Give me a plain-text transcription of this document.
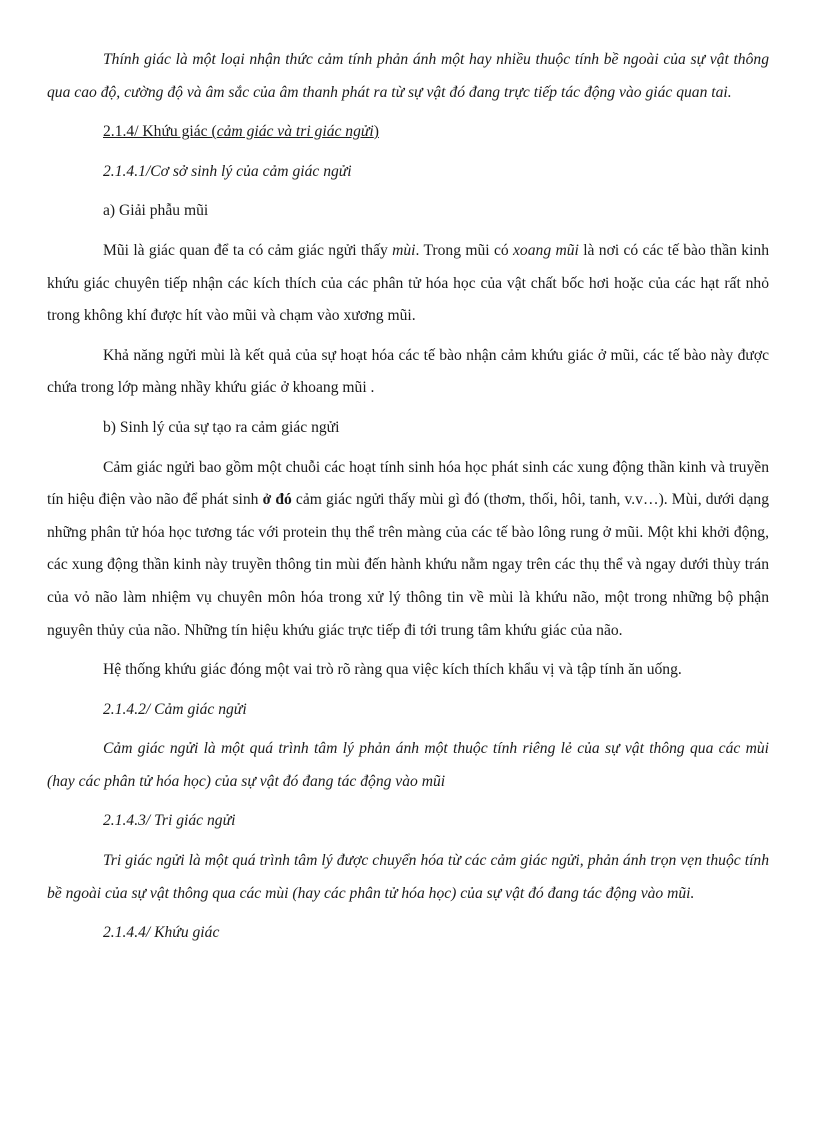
Thính giác là một loại nhận thức cảm tính phản ánh một hay nhiều thuộc tính bề ngoài của sự vật thông qua cao độ, cường độ và âm sắc của âm thanh phát ra từ sự vật đó đang trực tiếp tác động vào giác quan tai.

2.1.4/ Khứu giác (cảm giác và tri giác ngửi)

2.1.4.1/Cơ sở sinh lý của cảm giác ngửi

a) Giải phẫu mũi

Mũi là giác quan để ta có cảm giác ngửi thấy mùi. Trong mũi có xoang mũi là nơi có các tế bào thần kinh khứu giác chuyên tiếp nhận các kích thích của các phân tử hóa học của vật chất bốc hơi hoặc của các hạt rất nhỏ trong không khí được hít vào mũi và chạm vào xương mũi.

Khả năng ngửi mùi là kết quả của sự hoạt hóa các tế bào nhận cảm khứu giác ở mũi, các tế bào này được chứa trong lớp màng nhầy khứu giác ở khoang mũi .

b) Sinh lý của sự tạo ra cảm giác ngửi

Cảm giác ngửi bao gồm một chuỗi các hoạt tính sinh hóa học phát sinh các xung động thần kinh và truyền tín hiệu điện vào não để phát sinh ở đó cảm giác ngửi thấy mùi gì đó (thơm, thối, hôi, tanh, v.v…). Mùi, dưới dạng những phân tử hóa học tương tác với protein thụ thể trên màng của các tế bào lông rung ở mũi. Một khi khởi động, các xung động thần kinh này truyền thông tin mùi đến hành khứu nằm ngay trên các thụ thể và ngay dưới thùy trán của vỏ não làm nhiệm vụ chuyên môn hóa trong xử lý thông tin về mùi là khứu não, một trong những bộ phận nguyên thủy của não. Những tín hiệu khứu giác trực tiếp đi tới trung tâm khứu giác của não.

Hệ thống khứu giác đóng một vai trò rõ ràng qua việc kích thích khẩu vị và tập tính ăn uống.

2.1.4.2/ Cảm giác ngửi

Cảm giác ngửi là một quá trình tâm lý phản ánh một thuộc tính riêng lẻ của sự vật thông qua các mùi (hay các phân tử hóa học) của sự vật đó đang tác động vào mũi

2.1.4.3/ Tri giác ngửi

Tri giác ngửi là một quá trình tâm lý được chuyển hóa từ các cảm giác ngửi, phản ánh trọn vẹn thuộc tính bề ngoài của sự vật thông qua các mùi (hay các phân tử hóa học) của sự vật đó đang tác động vào mũi.

2.1.4.4/ Khứu giác
